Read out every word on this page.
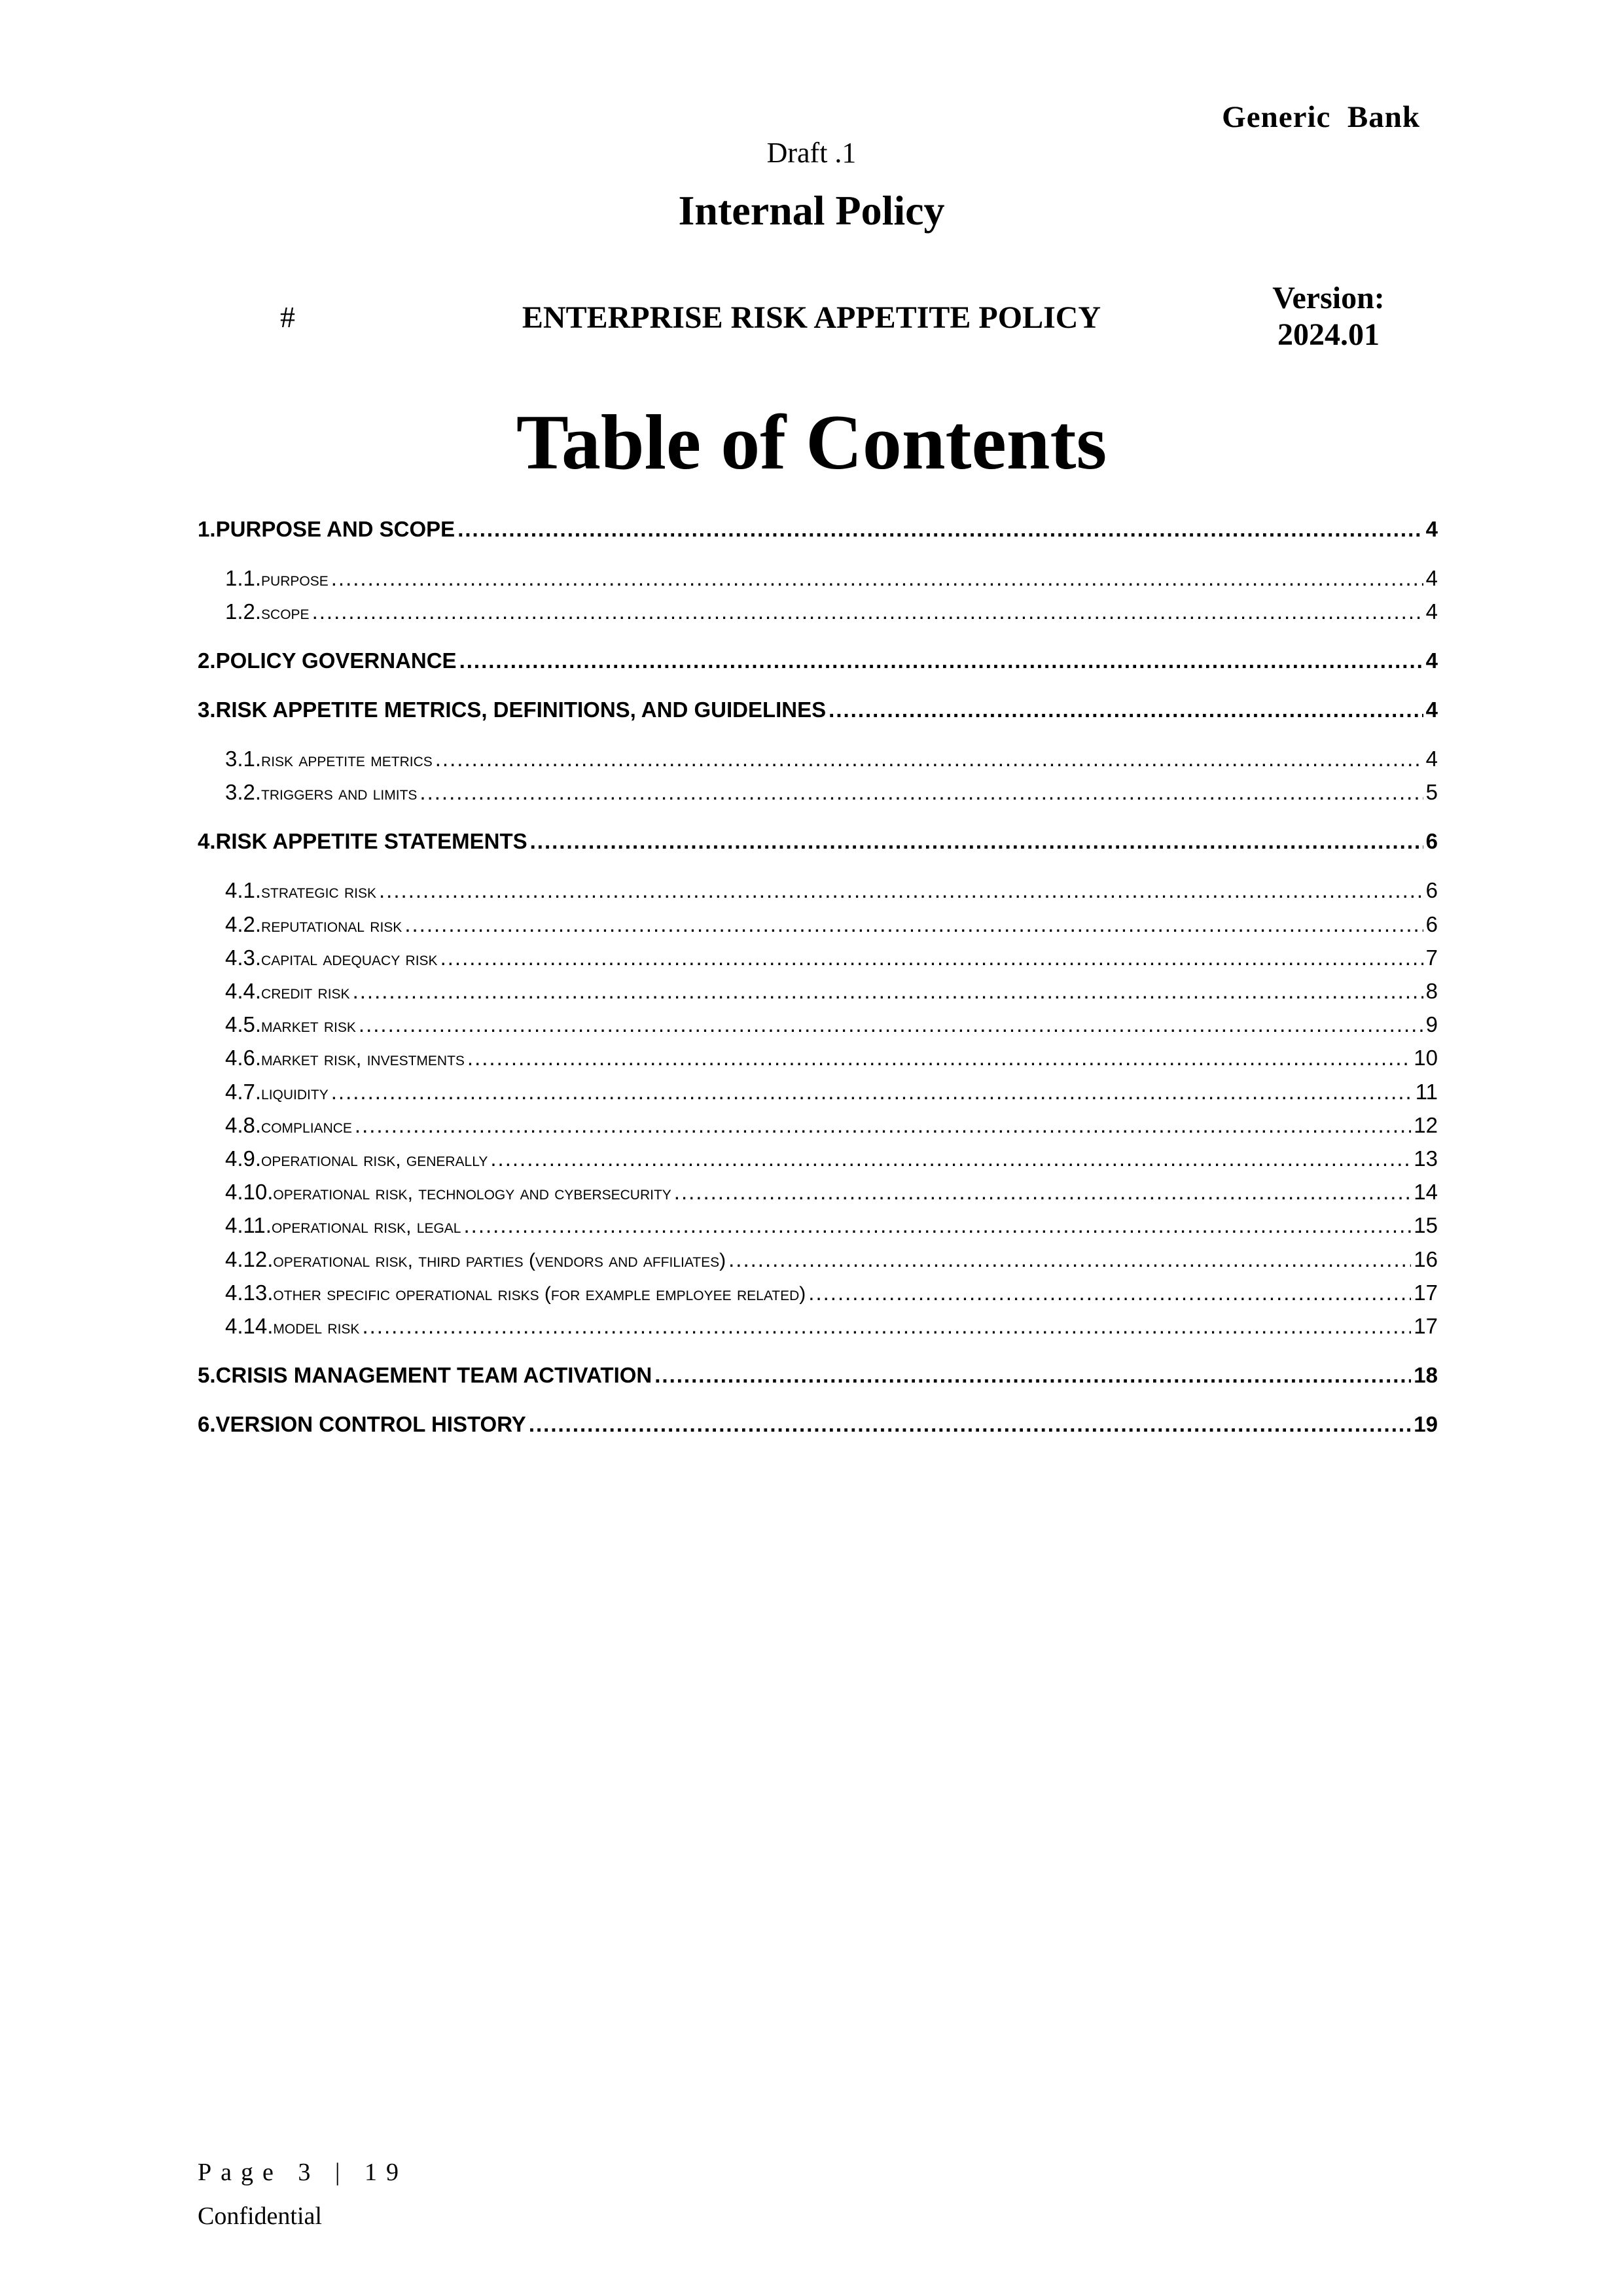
Generic  Bank
Draft .1
Internal Policy
#	ENTERPRISE RISK APPETITE POLICY
Version:
2024.01
Table of Contents
1. PURPOSE AND SCOPE .....	4
1.1. purpose .....	4
1.2. scope .....	4
2. POLICY GOVERNANCE .....	4
3. RISK APPETITE METRICS, DEFINITIONS, AND GUIDELINES .....	4
3.1. risk appetite metrics .....	4
3.2. triggers and limits .....	5
4. RISK APPETITE STATEMENTS .....	6
4.1. strategic risk .....	6
4.2. reputational risk .....	6
4.3. capital adequacy risk .....	7
4.4. credit risk .....	8
4.5. market risk .....	9
4.6. market risk, investments .....	10
4.7. liquidity .....	11
4.8. compliance .....	12
4.9. operational risk, generally .....	13
4.10. operational risk, technology and cybersecurity .....	14
4.11. operational risk, legal .....	15
4.12. operational risk, third parties (vendors and affiliates) .....	16
4.13. other specific operational risks (for example employee related) .....	17
4.14. model risk .....	17
5. CRISIS MANAGEMENT TEAM ACTIVATION .....	18
6. VERSION CONTROL HISTORY .....	19
Page 3 | 19
Confidential
